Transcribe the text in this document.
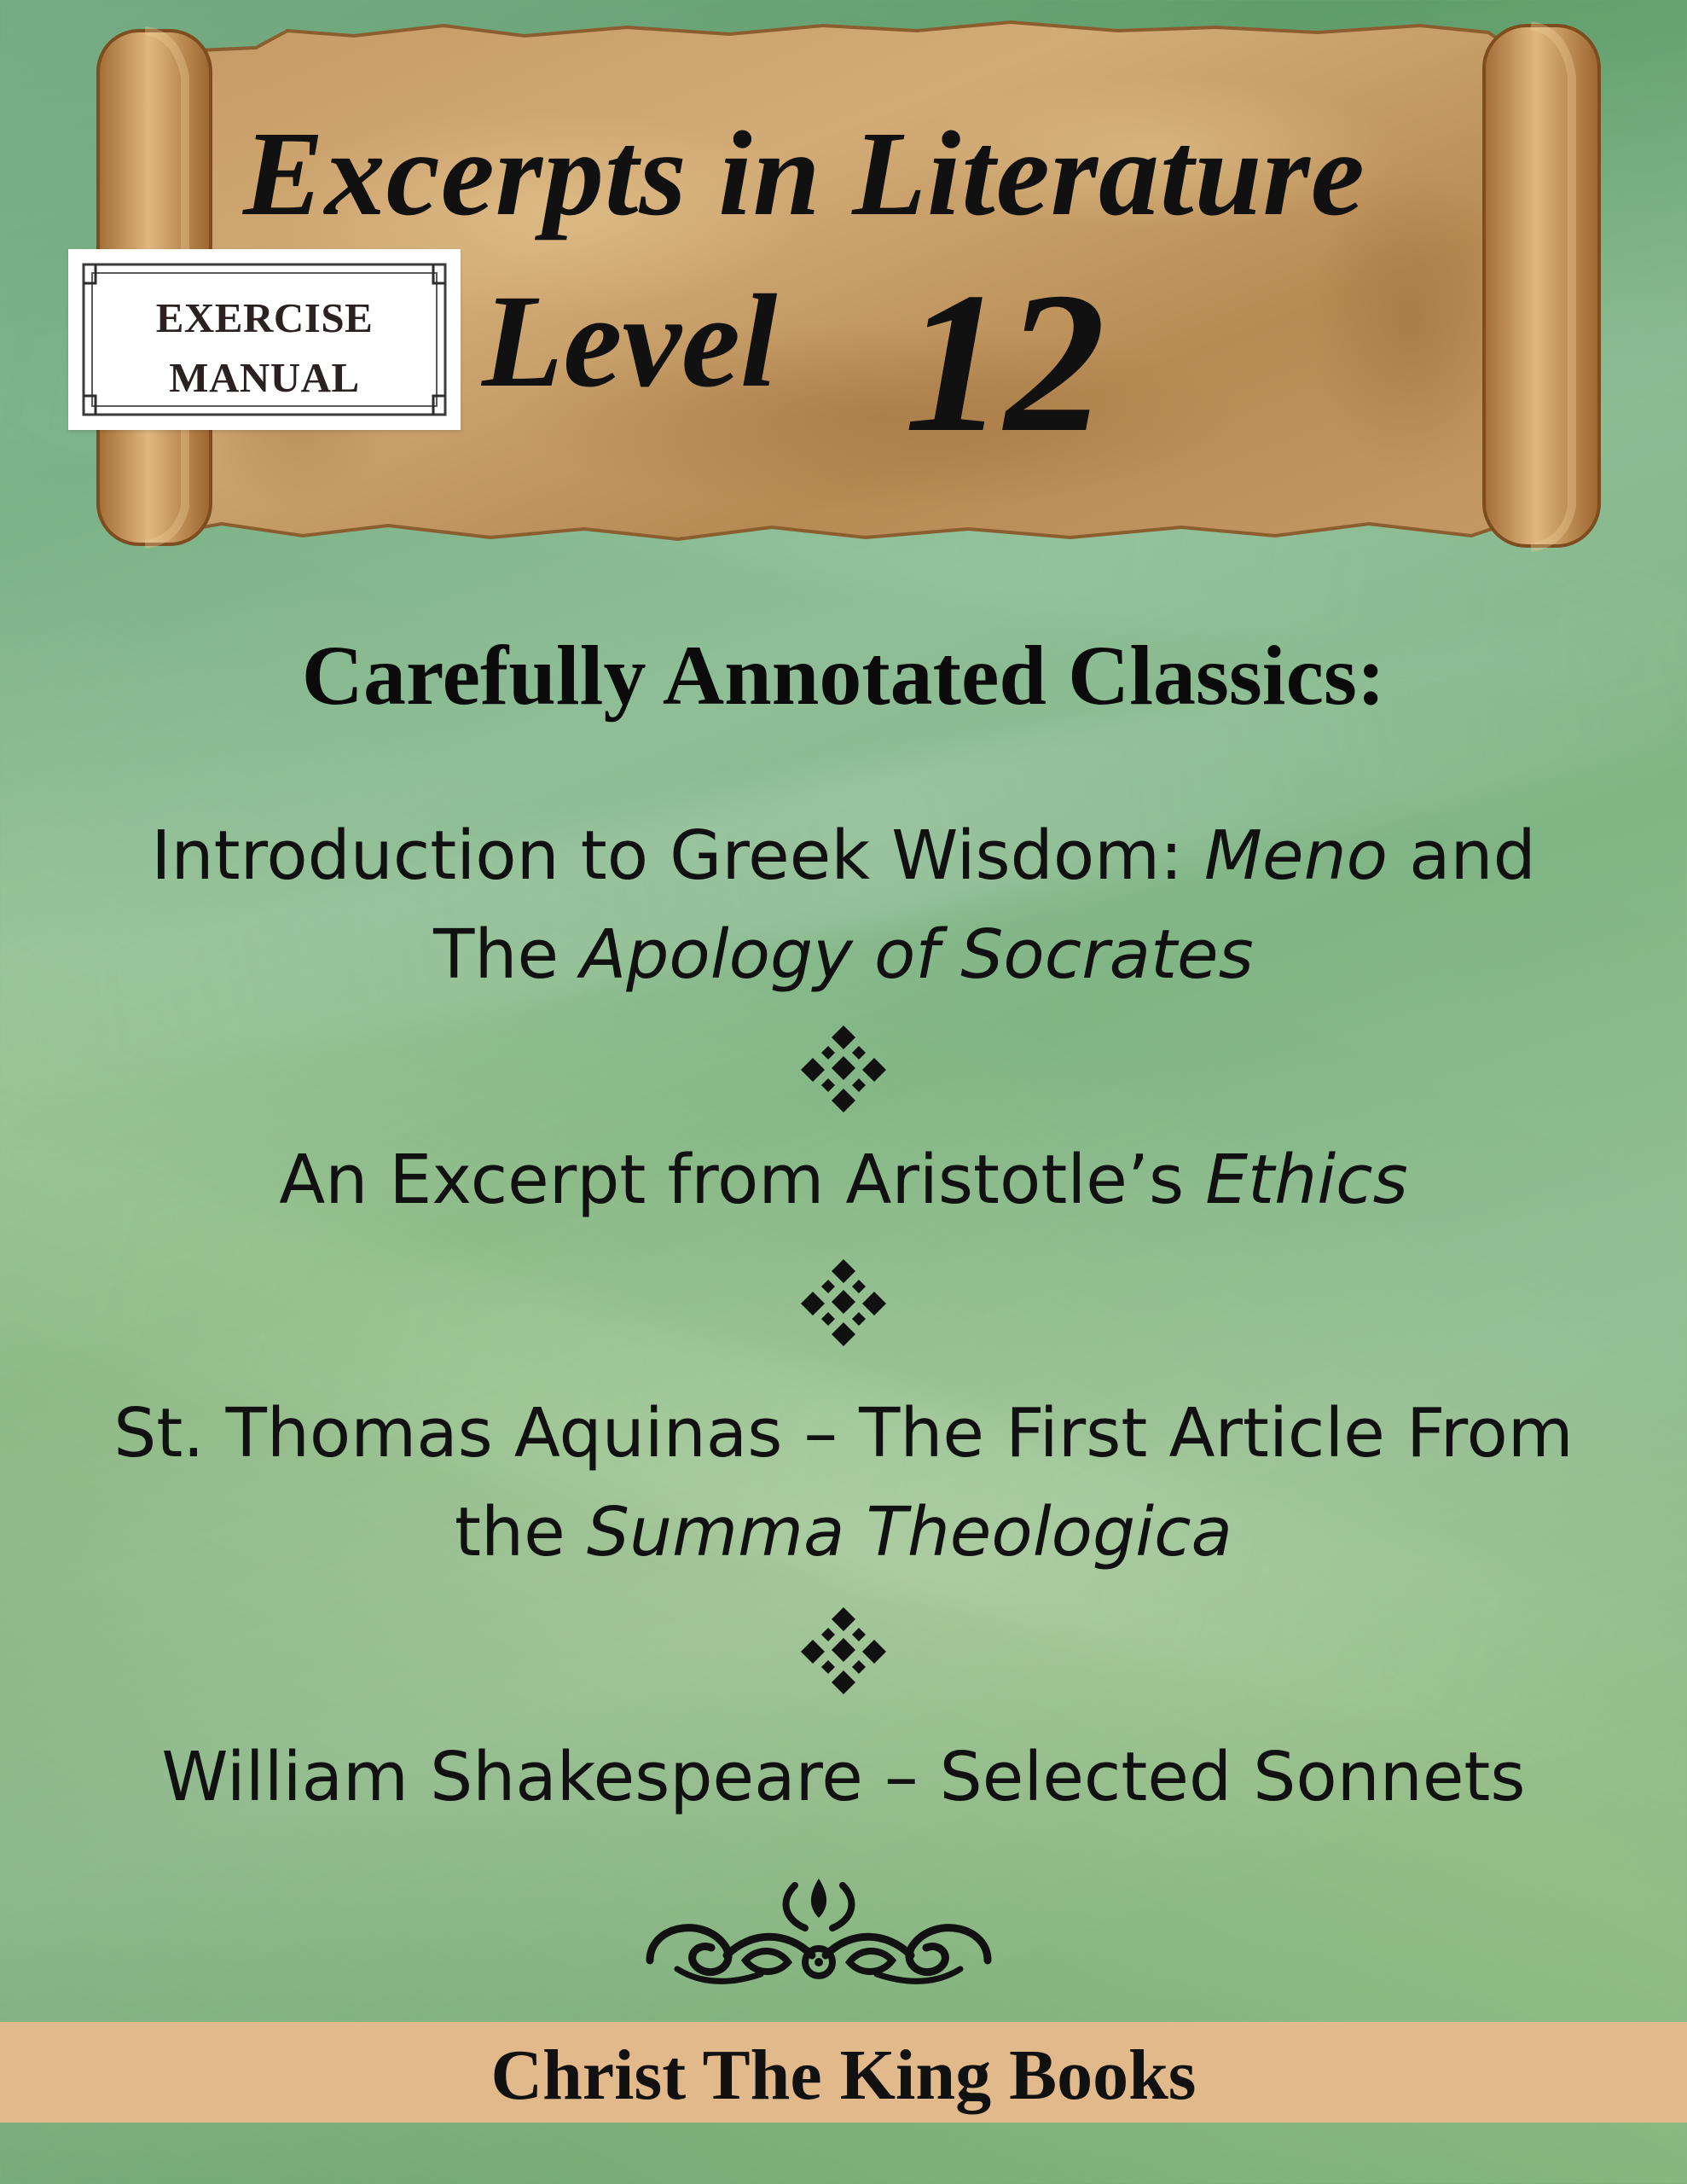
Excerpts in Literature
Level 12
EXERCISE
MANUAL
Carefully Annotated Classics:
Introduction to Greek Wisdom: Meno and
The Apology of Socrates
An Excerpt from Aristotle’s Ethics
St. Thomas Aquinas – The First Article From
the Summa Theologica
William Shakespeare – Selected Sonnets
Christ The King Books
